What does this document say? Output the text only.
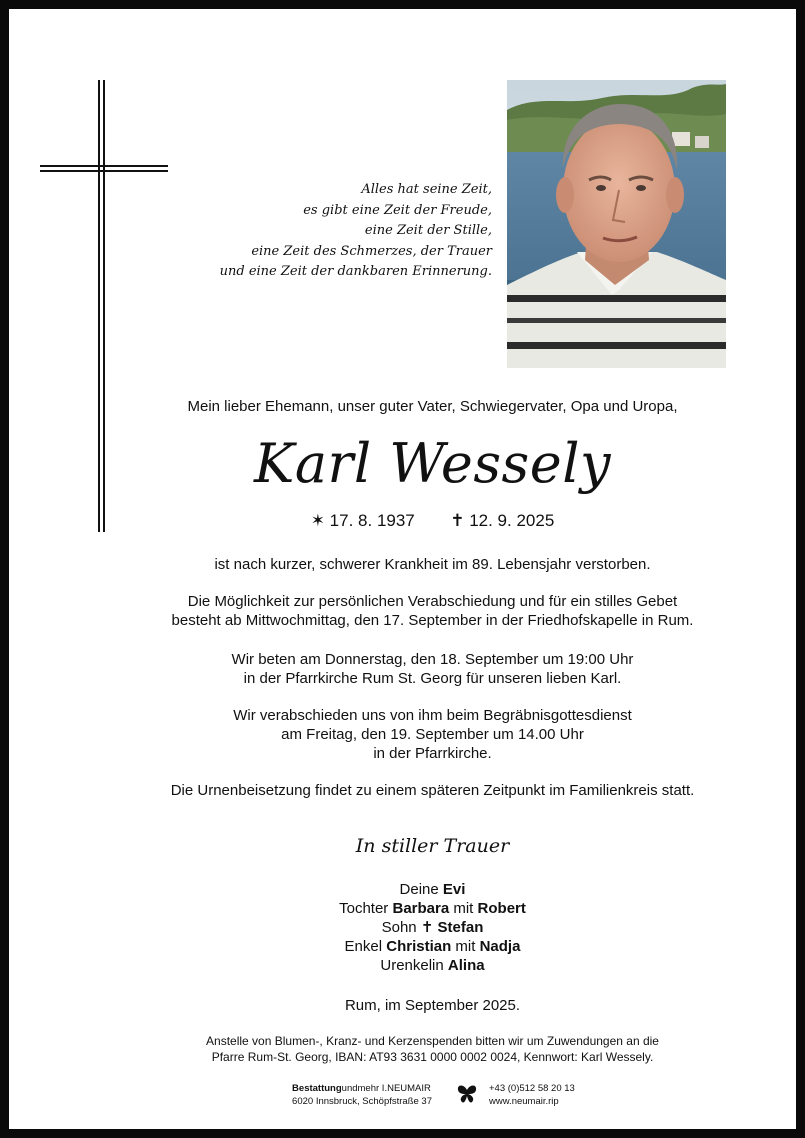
Alles hat seine Zeit,
es gibt eine Zeit der Freude,
eine Zeit der Stille,
eine Zeit des Schmerzes, der Trauer
und eine Zeit der dankbaren Erinnerung.
Mein lieber Ehemann, unser guter Vater, Schwiegervater, Opa und Uropa,
Karl Wessely
✶ 17. 8. 1937 ✝ 12. 9. 2025
ist nach kurzer, schwerer Krankheit im 89. Lebensjahr verstorben.
Die Möglichkeit zur persönlichen Verabschiedung und für ein stilles Gebet
besteht ab Mittwochmittag, den 17. September in der Friedhofskapelle in Rum.
Wir beten am Donnerstag, den 18. September um 19:00 Uhr
in der Pfarrkirche Rum St. Georg für unseren lieben Karl.
Wir verabschieden uns von ihm beim Begräbnisgottesdienst
am Freitag, den 19. September um 14.00 Uhr
in der Pfarrkirche.
Die Urnenbeisetzung findet zu einem späteren Zeitpunkt im Familienkreis statt.
In stiller Trauer
Deine Evi
Tochter Barbara mit Robert
Sohn ✝ Stefan
Enkel Christian mit Nadja
Urenkelin Alina
Rum, im September 2025.
Anstelle von Blumen-, Kranz- und Kerzenspenden bitten wir um Zuwendungen an die
Pfarre Rum-St. Georg, IBAN: AT93 3631 0000 0002 0024, Kennwort: Karl Wessely.
Bestattungundmehr I.NEUMAIR
6020 Innsbruck, Schöpfstraße 37
+43 (0)512 58 20 13
www.neumair.rip
